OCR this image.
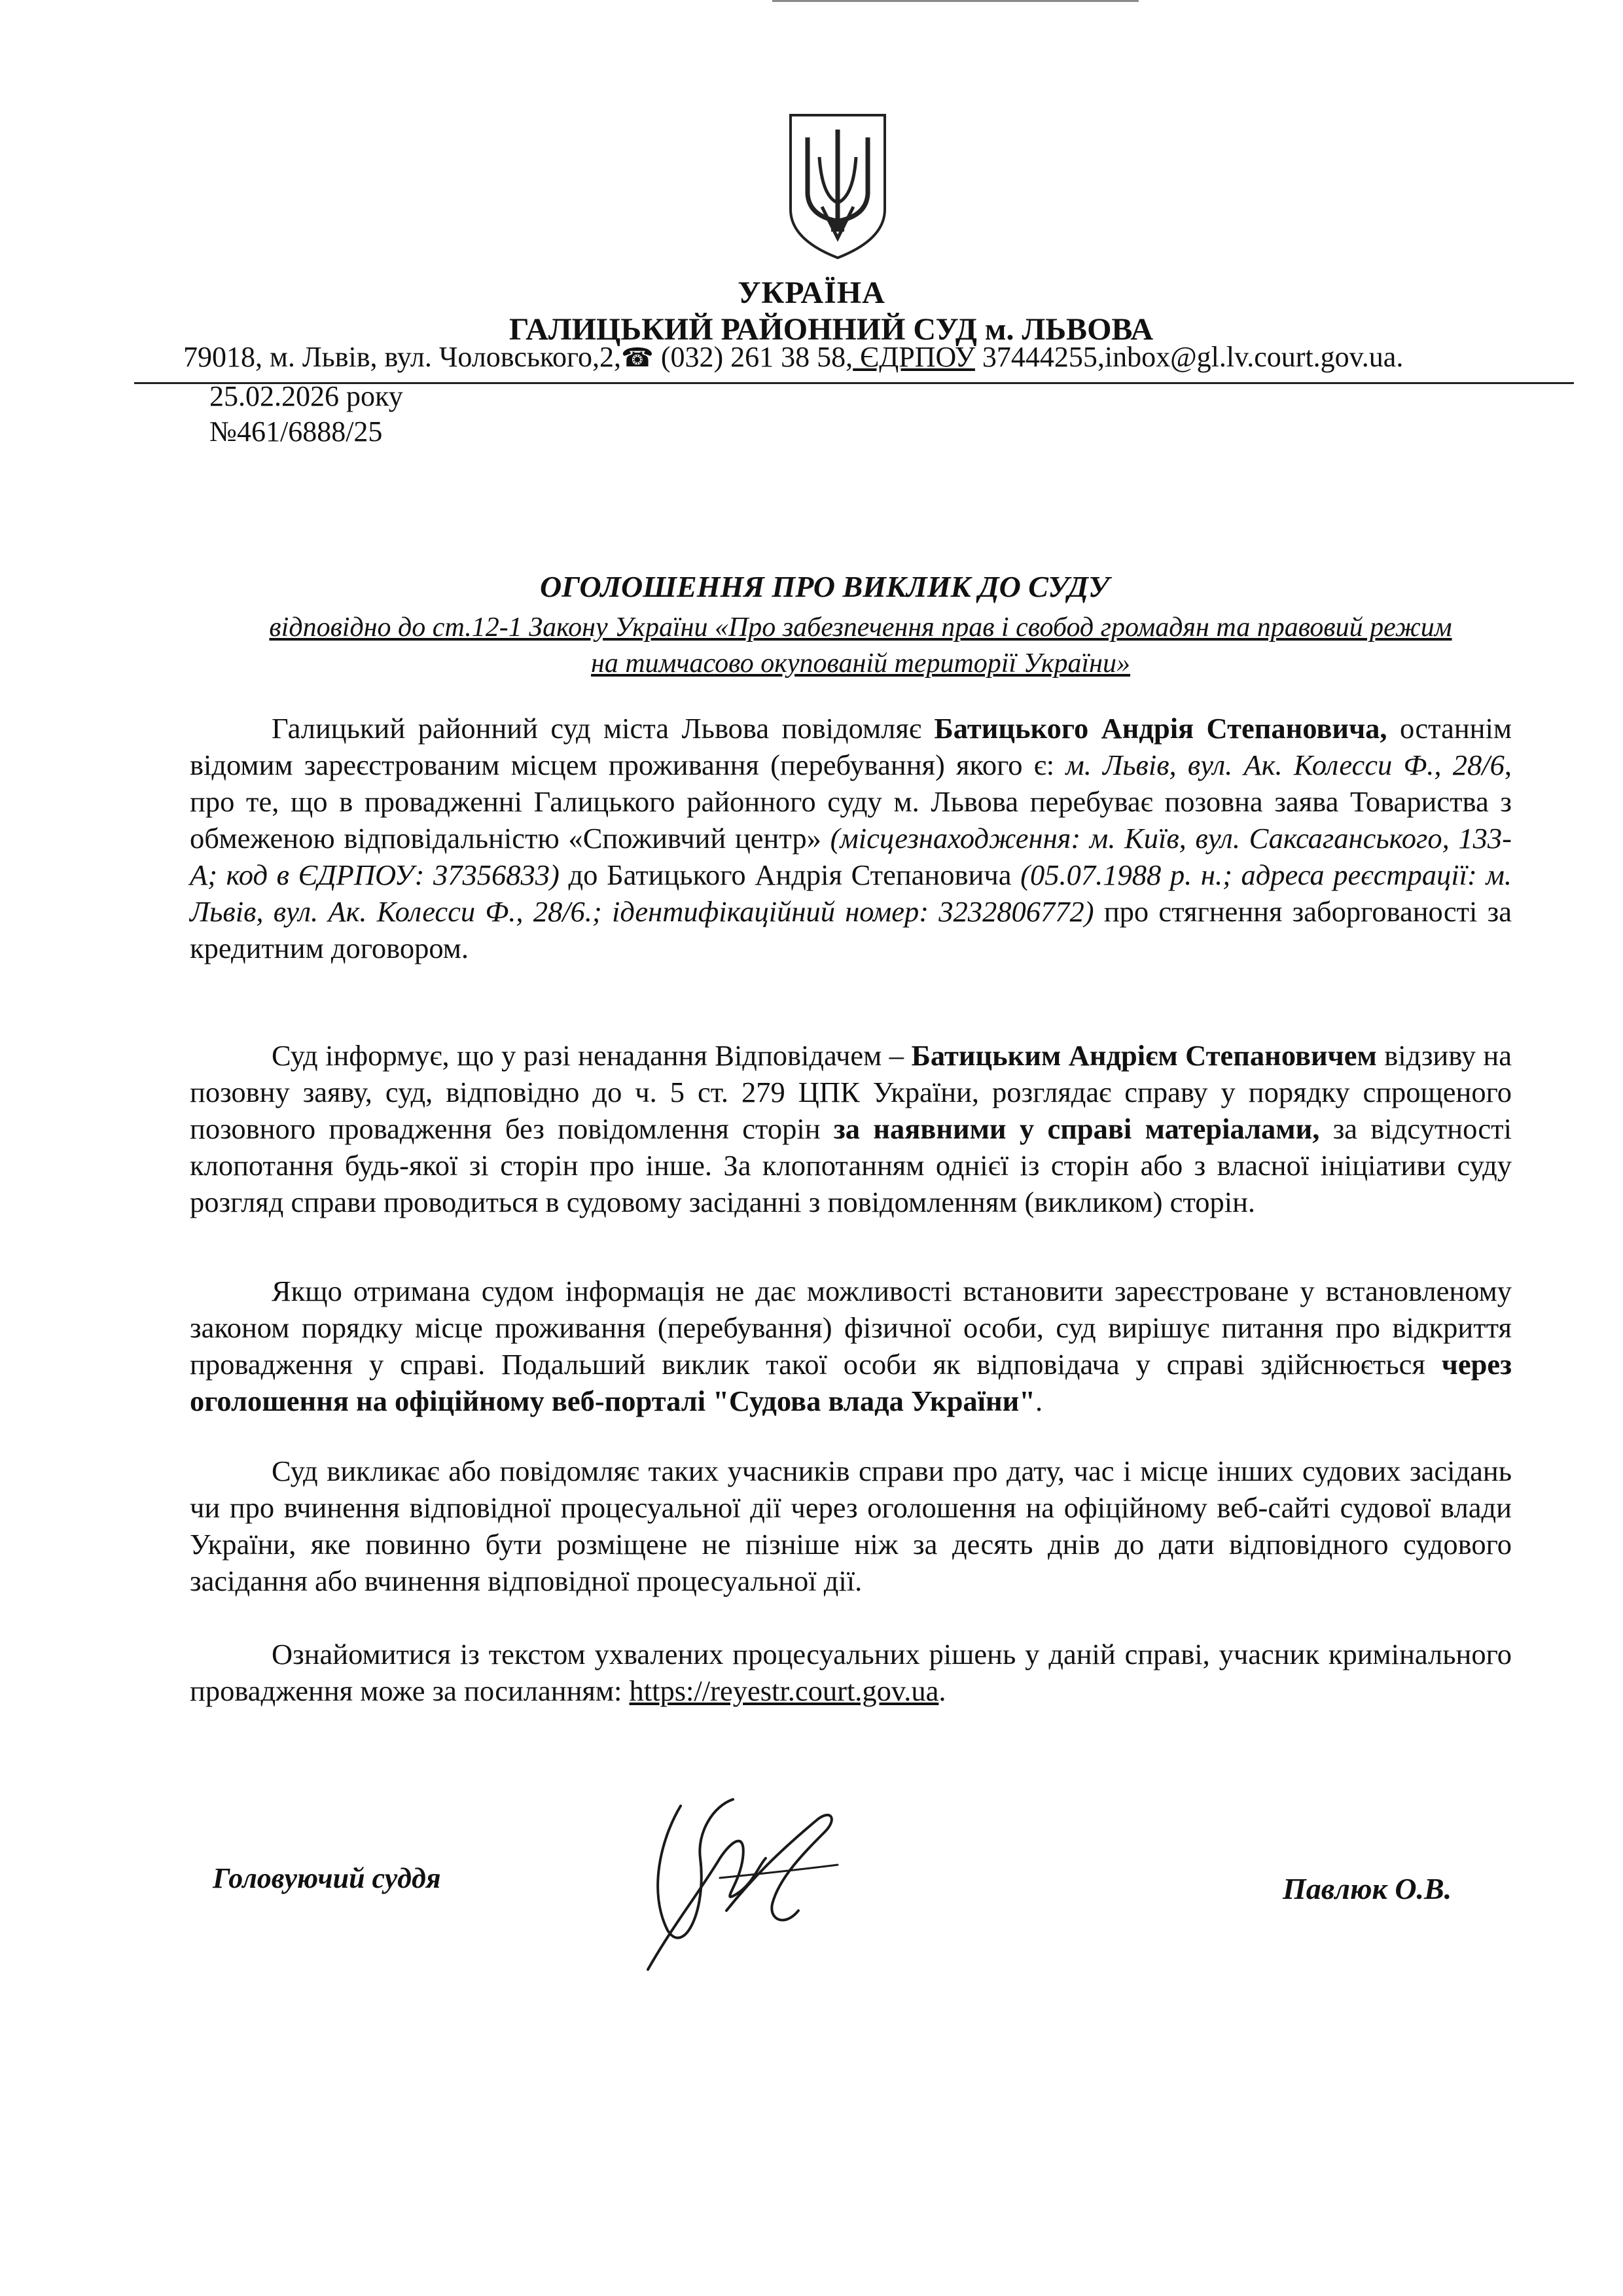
УКРАЇНА
ГАЛИЦЬКИЙ РАЙОННИЙ СУД м. ЛЬВОВА
79018, м. Львів, вул. Чоловського,2,☎ (032) 261 38 58, ЄДРПОУ 37444255,inbox@gl.lv.court.gov.ua.
25.02.2026 року
№461/6888/25
ОГОЛОШЕННЯ ПРО ВИКЛИК ДО СУДУ
відповідно до ст.12-1 Закону України «Про забезпечення прав і свобод громадян та правовий режим
на тимчасово окупованій території України»

Галицький районний суд міста Львова повідомляє Батицького Андрія Степановича, останнім відомим зареєстрованим місцем проживання (перебування) якого є: м. Львів, вул. Ак. Колесси Ф., 28/6, про те, що в провадженні Галицького районного суду м. Львова перебуває позовна заява Товариства з обмеженою відповідальністю «Споживчий центр» (місцезнаходження: м. Київ, вул. Саксаганського, 133-А; код в ЄДРПОУ: 37356833) до Батицького Андрія Степановича (05.07.1988 р. н.; адреса реєстрації: м. Львів, вул. Ак. Колесси Ф., 28/6.; ідентифікаційний номер: 3232806772) про стягнення заборгованості за кредитним договором.

Суд інформує, що у разі ненадання Відповідачем – Батицьким Андрієм Степановичем відзиву на позовну заяву, суд, відповідно до ч. 5 ст. 279 ЦПК України, розглядає справу у порядку спрощеного позовного провадження без повідомлення сторін за наявними у справі матеріалами, за відсутності клопотання будь-якої зі сторін про інше. За клопотанням однієї із сторін або з власної ініціативи суду розгляд справи проводиться в судовому засіданні з повідомленням (викликом) сторін.

Якщо отримана судом інформація не дає можливості встановити зареєстроване у встановленому законом порядку місце проживання (перебування) фізичної особи, суд вирішує питання про відкриття провадження у справі. Подальший виклик такої особи як відповідача у справі здійснюється через оголошення на офіційному веб-порталі "Судова влада України".

Суд викликає або повідомляє таких учасників справи про дату, час і місце інших судових засідань чи про вчинення відповідної процесуальної дії через оголошення на офіційному веб-сайті судової влади України, яке повинно бути розміщене не пізніше ніж за десять днів до дати відповідного судового засідання або вчинення відповідної процесуальної дії.

Ознайомитися із текстом ухвалених процесуальних рішень у даній справі, учасник кримінального провадження може за посиланням: https://reyestr.court.gov.ua.

Головуючий суддя	Павлюк О.В.
